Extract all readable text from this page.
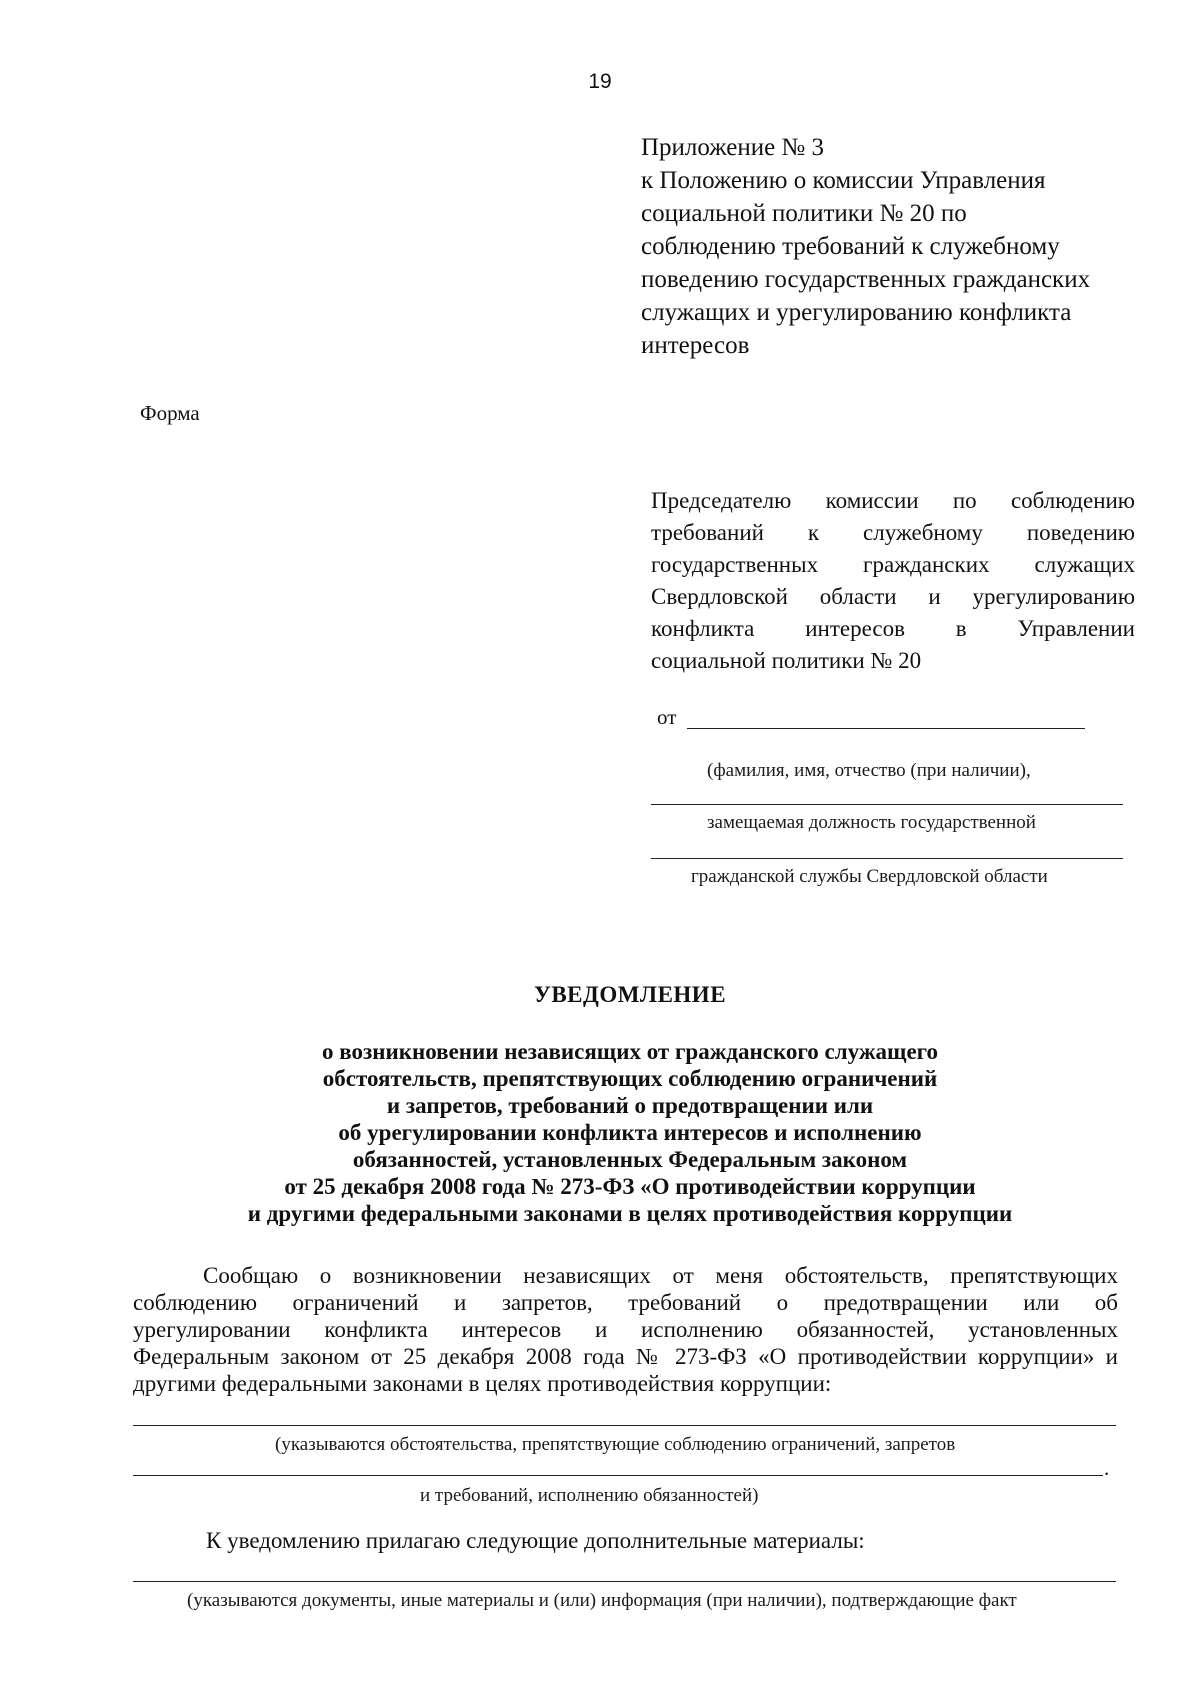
19
Приложение № 3
к Положению о комиссии Управления
социальной политики № 20 по
соблюдению требований к служебному
поведению государственных гражданских
служащих и урегулированию конфликта
интересов
Форма
Председателю комиссии по соблюдению
требований к служебному поведению
государственных гражданских служащих
Свердловской области и урегулированию
конфликта интересов в Управлении
социальной политики № 20
от
(фамилия, имя, отчество (при наличии),
замещаемая должность государственной
гражданской службы Свердловской области
УВЕДОМЛЕНИЕ
о возникновении независящих от гражданского служащего
обстоятельств, препятствующих соблюдению ограничений
и запретов, требований о предотвращении или
об урегулировании конфликта интересов и исполнению
обязанностей, установленных Федеральным законом
от 25 декабря 2008 года № 273-ФЗ «О противодействии коррупции
и другими федеральными законами в целях противодействия коррупции
Сообщаю о возникновении независящих от меня обстоятельств, препятствующих
соблюдению ограничений и запретов, требований о предотвращении или об
урегулировании конфликта интересов и исполнению обязанностей, установленных
Федеральным законом от 25 декабря 2008 года № 273-ФЗ «О противодействии коррупции» и
другими федеральными законами в целях противодействия коррупции:
(указываются обстоятельства, препятствующие соблюдению ограничений, запретов
.
и требований, исполнению обязанностей)
К уведомлению прилагаю следующие дополнительные материалы:
(указываются документы, иные материалы и (или) информация (при наличии), подтверждающие факт
